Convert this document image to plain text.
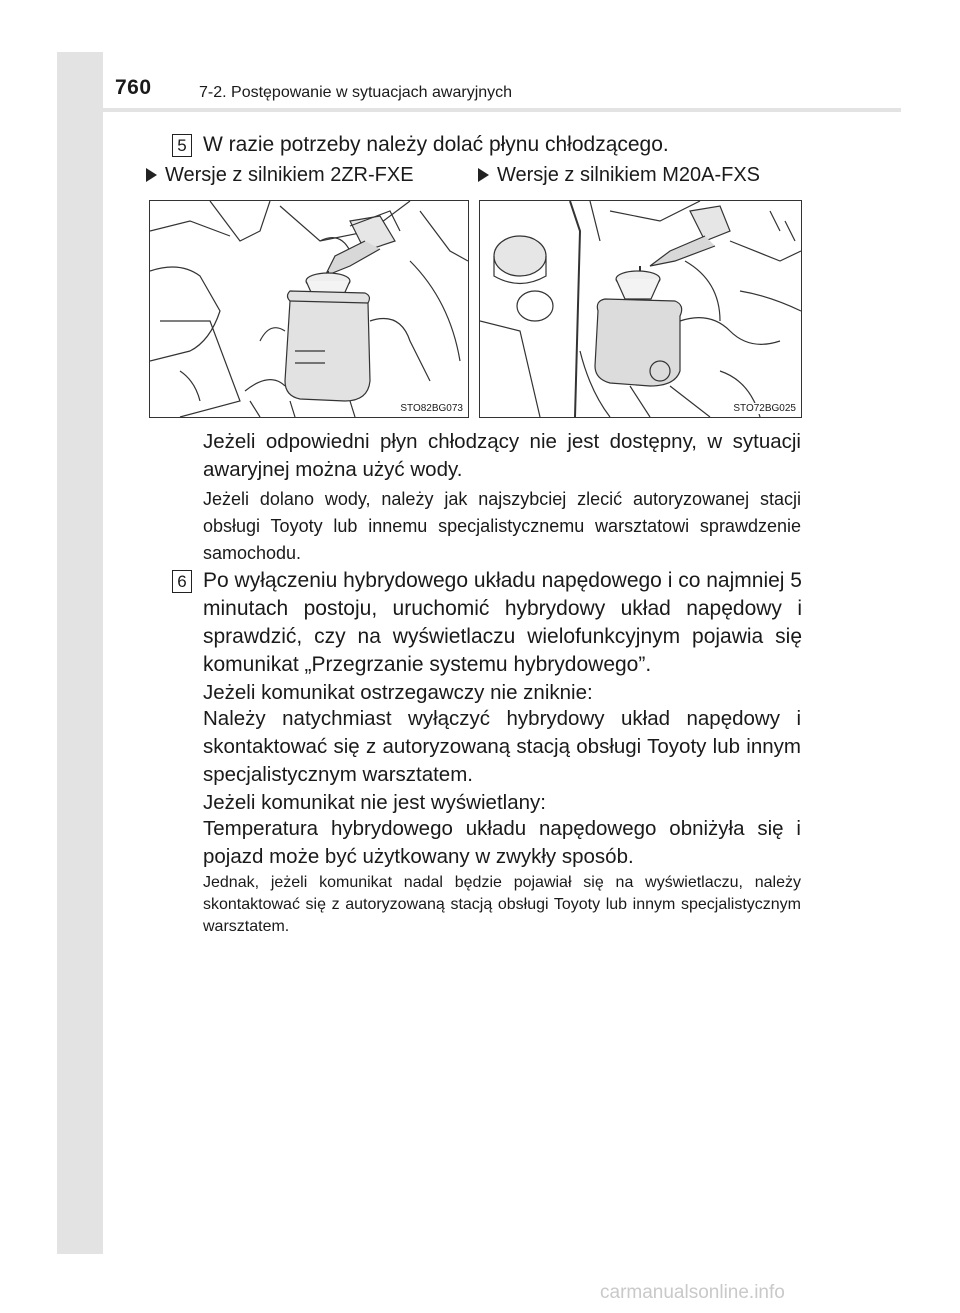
760	7-2. Postępowanie w sytuacjach awaryjnych
5 W razie potrzeby należy dolać płynu chłodzącego.
Wersje z silnikiem 2ZR-FXE	Wersje z silnikiem M20A-FXS
STO82BG073	STO72BG025
Jeżeli odpowiedni płyn chłodzący nie jest dostępny, w sytuacji awaryjnej można użyć wody.
Jeżeli dolano wody, należy jak najszybciej zlecić autoryzowanej stacji obsługi Toyoty lub innemu specjalistycznemu warsztatowi sprawdzenie samochodu.
6 Po wyłączeniu hybrydowego układu napędowego i co najmniej 5 minutach postoju, uruchomić hybrydowy układ napędowy i sprawdzić, czy na wyświetlaczu wielofunkcyjnym pojawia się komunikat „Przegrzanie systemu hybrydowego”.
Jeżeli komunikat ostrzegawczy nie zniknie:
Należy natychmiast wyłączyć hybrydowy układ napędowy i skontaktować się z autoryzowaną stacją obsługi Toyoty lub innym specjalistycznym warsztatem.
Jeżeli komunikat nie jest wyświetlany:
Temperatura hybrydowego układu napędowego obniżyła się i pojazd może być użytkowany w zwykły sposób.
Jednak, jeżeli komunikat nadal będzie pojawiał się na wyświetlaczu, należy skontaktować się z autoryzowaną stacją obsługi Toyoty lub innym specjalistycznym warsztatem.
carmanualsonline.info
